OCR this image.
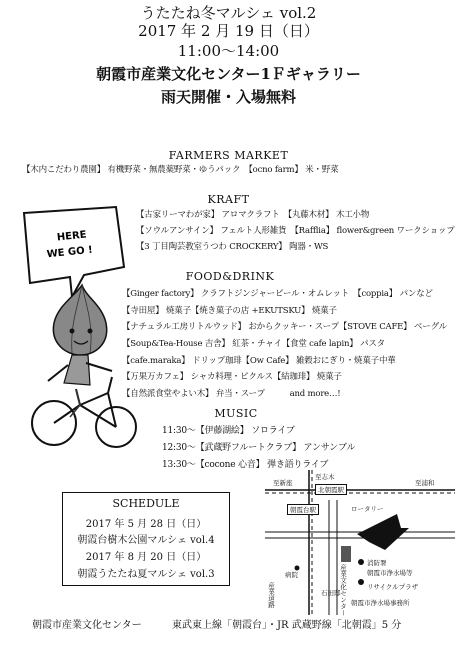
うたたね冬マルシェ vol.2
2017 年 2 月 19 日（日）
11:00〜14:00
朝霞市産業文化センター1Ｆギャラリー
雨天開催・入場無料
FARMERS MARKET
【木内こだわり農園】 有機野菜・無農薬野菜・ゆうパック　【ocno farm】 米・野菜
KRAFT
【古家リーマわが家】 アロマクラフト　【丸藤木材】 木工小物
【ソウルアンサイン】 フェルト人形雑貨　【Rafflia】 flower&green ワークショップ
【3 丁目陶芸教室うつわ CROCKERY】 陶器・WS
FOOD&DRINK
【Ginger factory】 クラフトジンジャービール・オムレット　【coppia】 パンなど
【寺田屋】 焼菓子【焼き菓子の店 +EKUTSKU】 焼菓子
【ナチュラル工房リトルウッド】 おからクッキー・スープ【STOVE CAFE】 ベーグル
【Soup&Tea-House 吉舎】 紅茶・チャイ【食堂 cafe lapin】 パスタ
【cafe.maraka】 ドリップ珈琲【Ow Cafe】 雑穀おにぎり・焼菓子中華
【万果万カフェ】 シャカ料理・ピクルス【結珈琲】 焼菓子
【自然派食堂やよい木】 弁当・スープ　　　and more…!
MUSIC
11:30〜【伊藤湖絵】 ソロライブ
12:30〜【武蔵野フルートクラブ】 アンサンブル
13:30〜【cocone 心音】 弾き語りライブ
HERE
WE GO !
SCHEDULE
2017 年 5 月 28 日（日）
朝霞台樹木公園マルシェ vol.4
2017 年 8 月 20 日（日）
朝霞うたたね夏マルシェ vol.3
至新座
至志木
至浦和
北朝霞駅
朝霞台駅	ロータリー
病院	産業文化センター
消防署
朝霞市浄水場等
リサイクルプラザ
石田邸
産業道路	朝霞市浄水場事務所
朝霞市産業文化センター	東武東上線「朝霞台」・JR 武蔵野線「北朝霞」5 分
